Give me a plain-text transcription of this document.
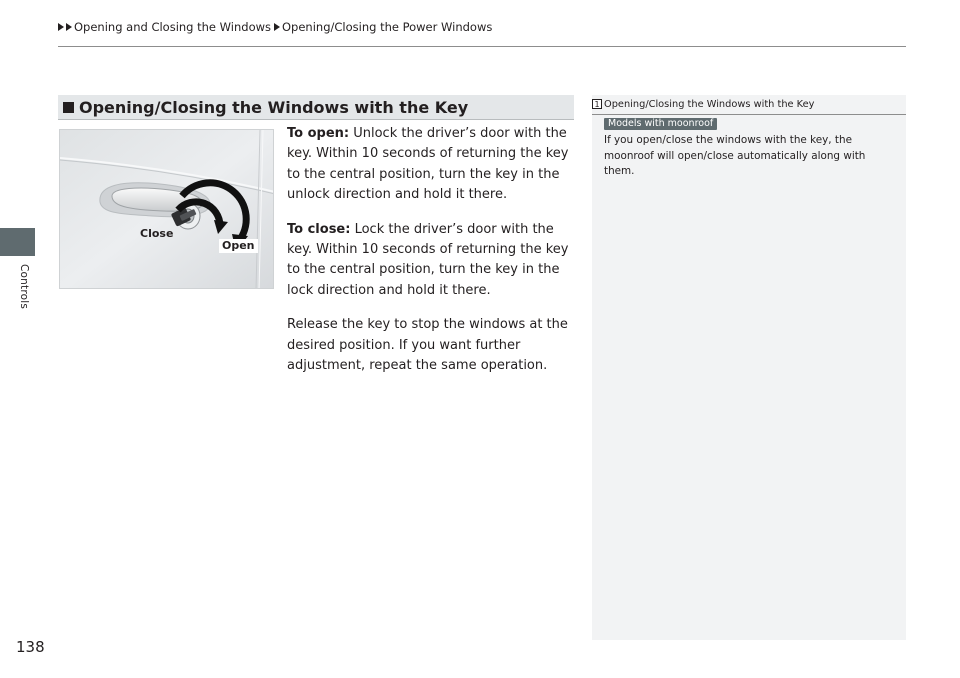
Opening and Closing the Windows Opening/Closing the Power Windows
Controls
Opening/Closing the Windows with the Key
Close
Open

To open: Unlock the driver’s door with the key. Within 10 seconds of returning the key to the central position, turn the key in the unlock direction and hold it there.

To close: Lock the driver’s door with the key. Within 10 seconds of returning the key to the central position, turn the key in the lock direction and hold it there.

Release the key to stop the windows at the desired position. If you want further adjustment, repeat the same operation.

1 Opening/Closing the Windows with the Key
Models with moonroof
If you open/close the windows with the key, the moonroof will open/close automatically along with them.
138
